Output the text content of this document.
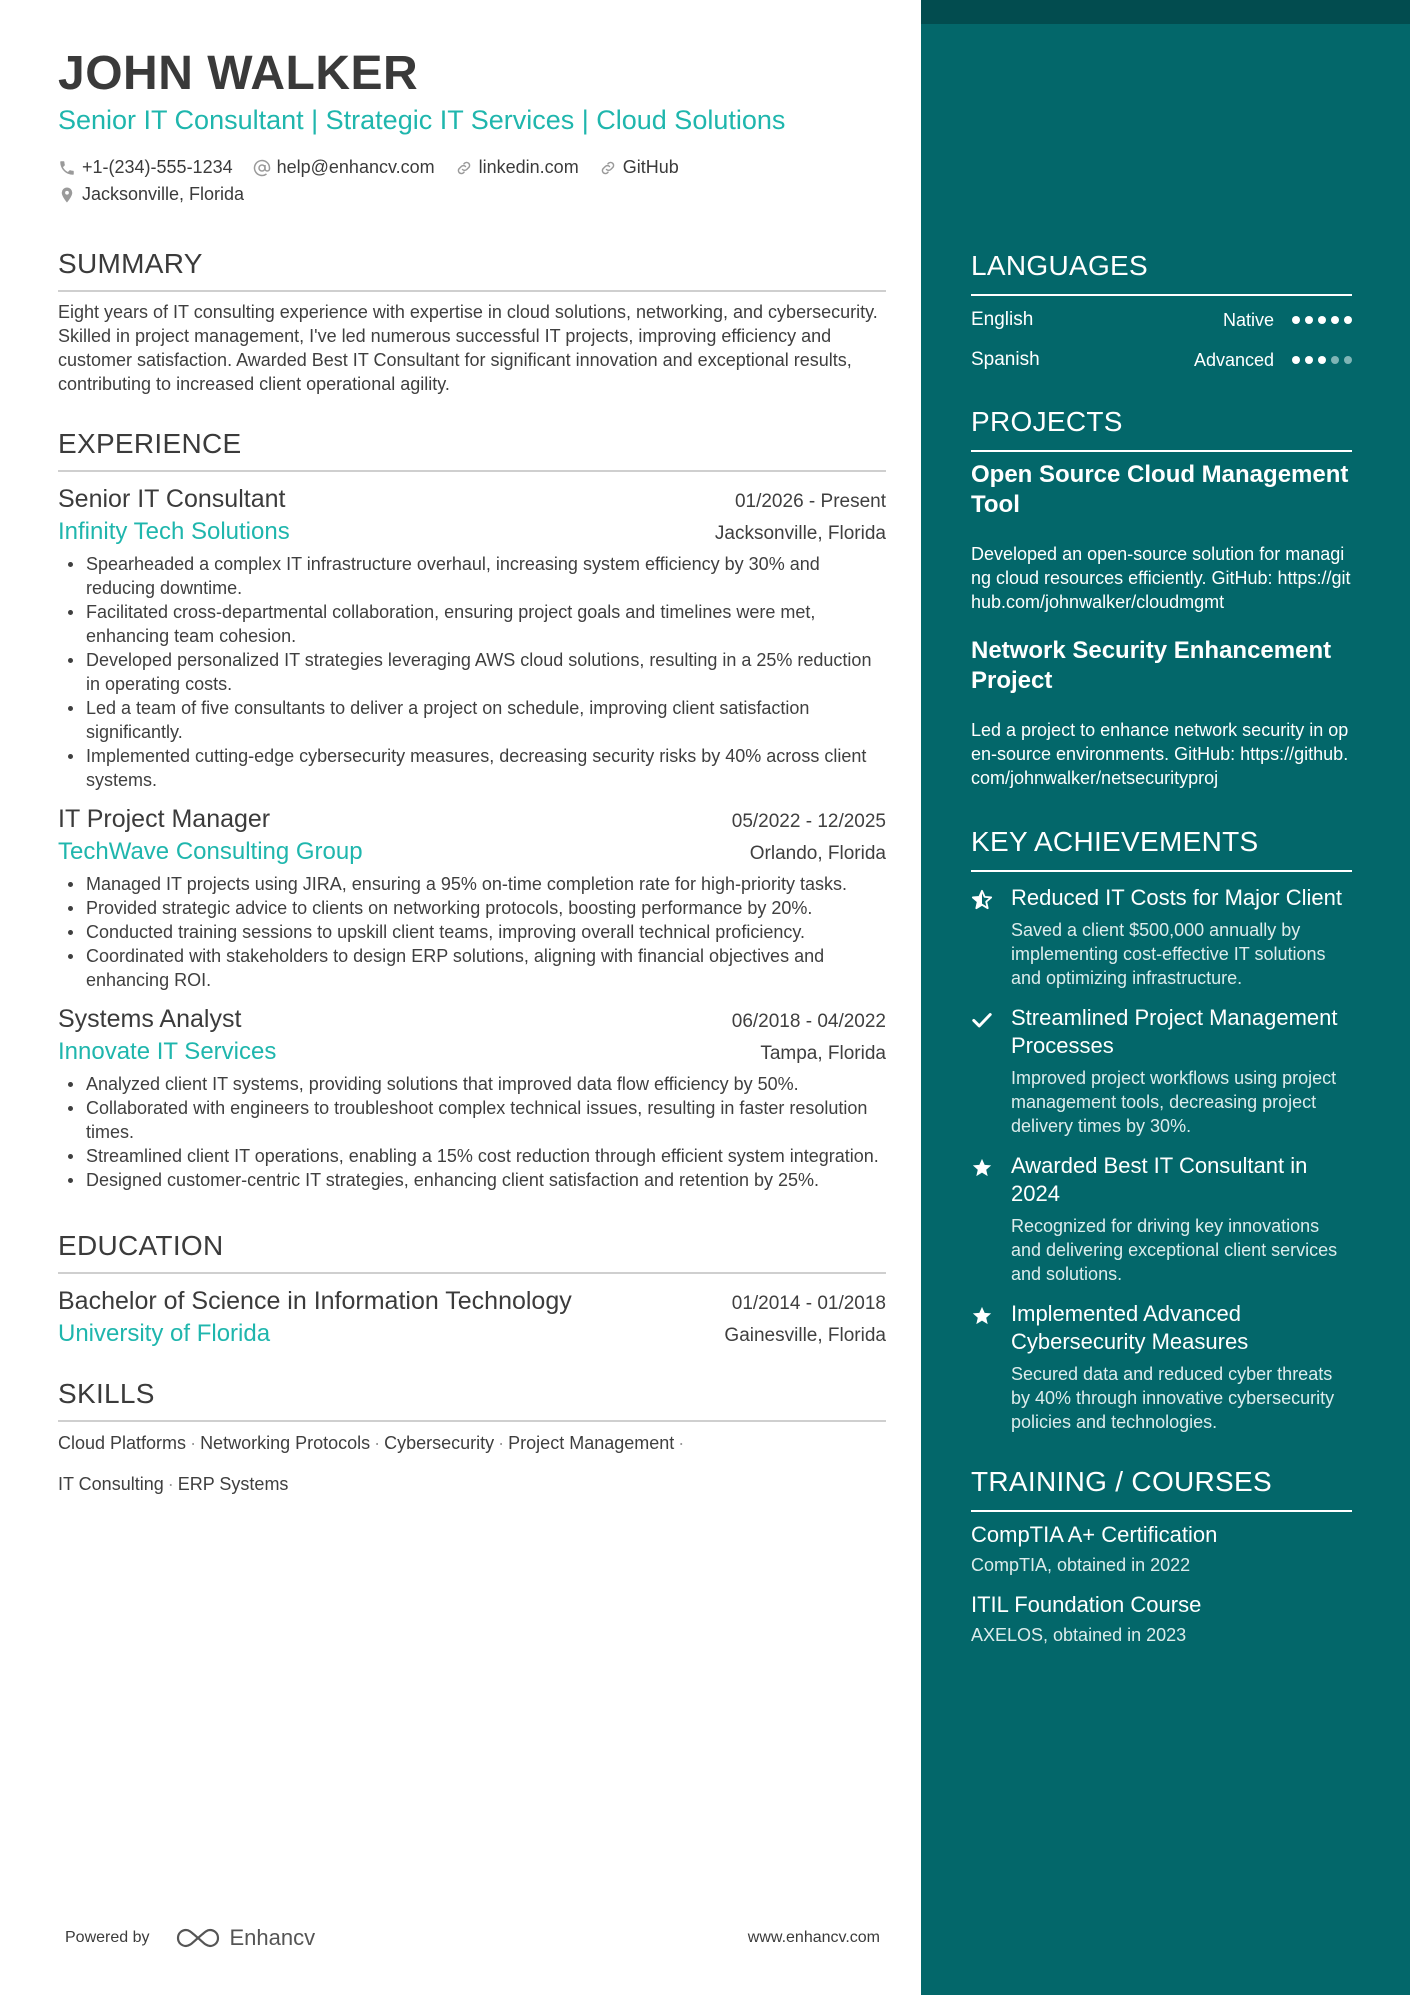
JOHN WALKER
Senior IT Consultant | Strategic IT Services | Cloud Solutions
+1-(234)-555-1234 help@enhancv.com linkedin.com GitHub
Jacksonville, Florida
SUMMARY
Eight years of IT consulting experience with expertise in cloud solutions, networking, and cybersecurity. Skilled in project management, I've led numerous successful IT projects, improving efficiency and customer satisfaction. Awarded Best IT Consultant for significant innovation and exceptional results, contributing to increased client operational agility.
EXPERIENCE
Senior IT Consultant	01/2026 - Present
Infinity Tech Solutions	Jacksonville, Florida
Spearheaded a complex IT infrastructure overhaul, increasing system efficiency by 30% and reducing downtime.
Facilitated cross-departmental collaboration, ensuring project goals and timelines were met, enhancing team cohesion.
Developed personalized IT strategies leveraging AWS cloud solutions, resulting in a 25% reduction in operating costs.
Led a team of five consultants to deliver a project on schedule, improving client satisfaction significantly.
Implemented cutting-edge cybersecurity measures, decreasing security risks by 40% across client systems.
IT Project Manager	05/2022 - 12/2025
TechWave Consulting Group	Orlando, Florida
Managed IT projects using JIRA, ensuring a 95% on-time completion rate for high-priority tasks.
Provided strategic advice to clients on networking protocols, boosting performance by 20%.
Conducted training sessions to upskill client teams, improving overall technical proficiency.
Coordinated with stakeholders to design ERP solutions, aligning with financial objectives and enhancing ROI.
Systems Analyst	06/2018 - 04/2022
Innovate IT Services	Tampa, Florida
Analyzed client IT systems, providing solutions that improved data flow efficiency by 50%.
Collaborated with engineers to troubleshoot complex technical issues, resulting in faster resolution times.
Streamlined client IT operations, enabling a 15% cost reduction through efficient system integration.
Designed customer-centric IT strategies, enhancing client satisfaction and retention by 25%.
EDUCATION
Bachelor of Science in Information Technology	01/2014 - 01/2018
University of Florida	Gainesville, Florida
SKILLS
Cloud Platforms · Networking Protocols · Cybersecurity · Project Management ·
IT Consulting · ERP Systems
Powered by	Enhancv	www.enhancv.com
LANGUAGES
English	Native
Spanish	Advanced
PROJECTS
Open Source Cloud Management Tool
Developed an open-source solution for managing cloud resources efficiently. GitHub: https://github.com/johnwalker/cloudmgmt
Network Security Enhancement Project
Led a project to enhance network security in open-source environments. GitHub: https://github.com/johnwalker/netsecurityproj
KEY ACHIEVEMENTS
Reduced IT Costs for Major Client
Saved a client $500,000 annually by implementing cost-effective IT solutions and optimizing infrastructure.
Streamlined Project Management Processes
Improved project workflows using project management tools, decreasing project delivery times by 30%.
Awarded Best IT Consultant in 2024
Recognized for driving key innovations and delivering exceptional client services and solutions.
Implemented Advanced Cybersecurity Measures
Secured data and reduced cyber threats by 40% through innovative cybersecurity policies and technologies.
TRAINING / COURSES
CompTIA A+ Certification
CompTIA, obtained in 2022
ITIL Foundation Course
AXELOS, obtained in 2023
